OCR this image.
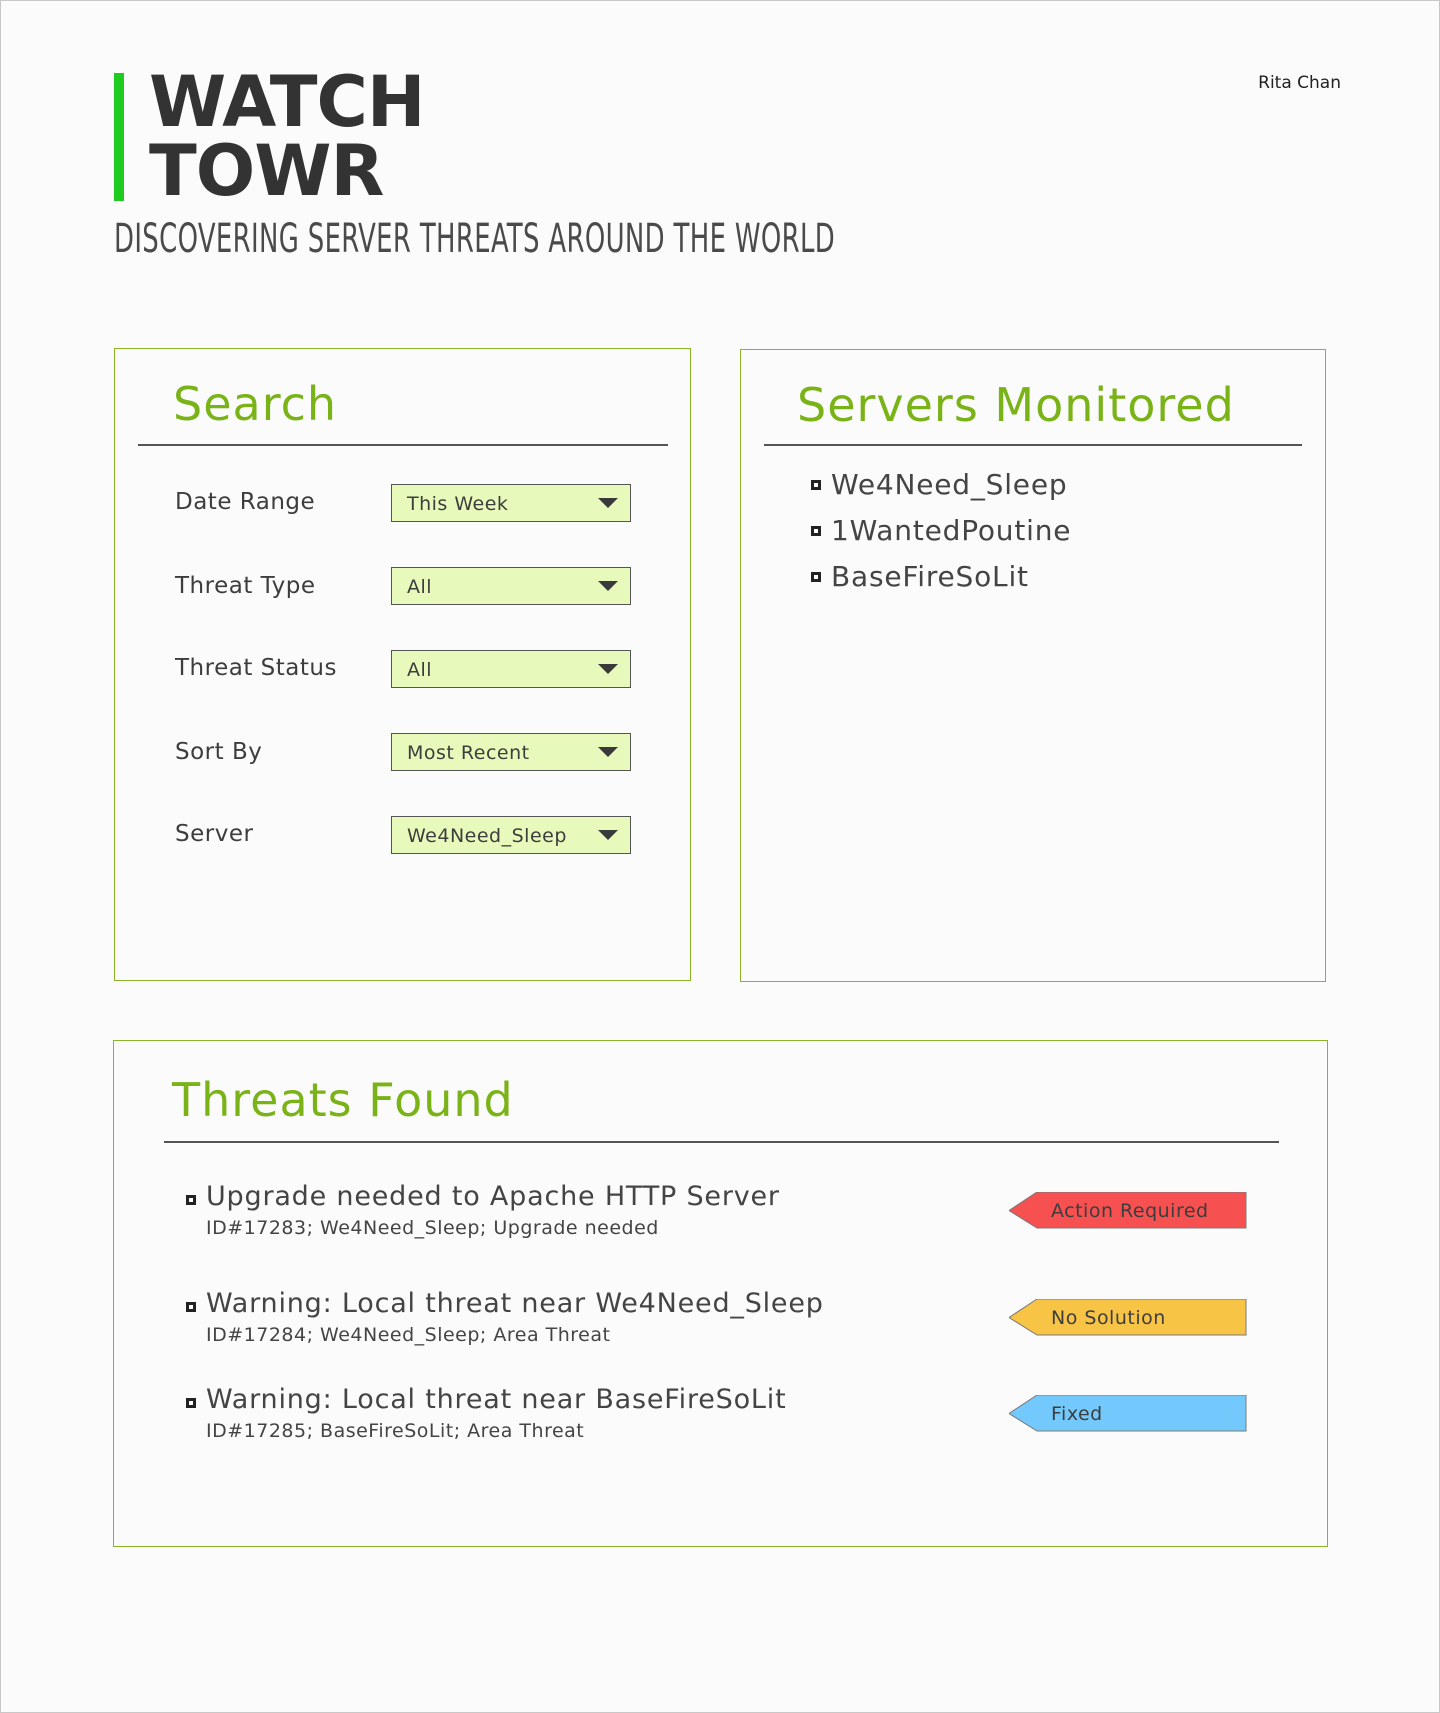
WATCH
TOWR
DISCOVERING SERVER THREATS AROUND THE WORLD
Rita Chan
Search
Date Range	This Week
Threat Type	All
Threat Status	All
Sort By	Most Recent
Server	We4Need_Sleep
Servers Monitored
We4Need_Sleep
1WantedPoutine
BaseFireSoLit
Threats Found
Upgrade needed to Apache HTTP Server
ID#17283; We4Need_Sleep; Upgrade needed
Action Required
Warning: Local threat near We4Need_Sleep
ID#17284; We4Need_Sleep; Area Threat
No Solution
Warning: Local threat near BaseFireSoLit
ID#17285; BaseFireSoLit; Area Threat
Fixed
